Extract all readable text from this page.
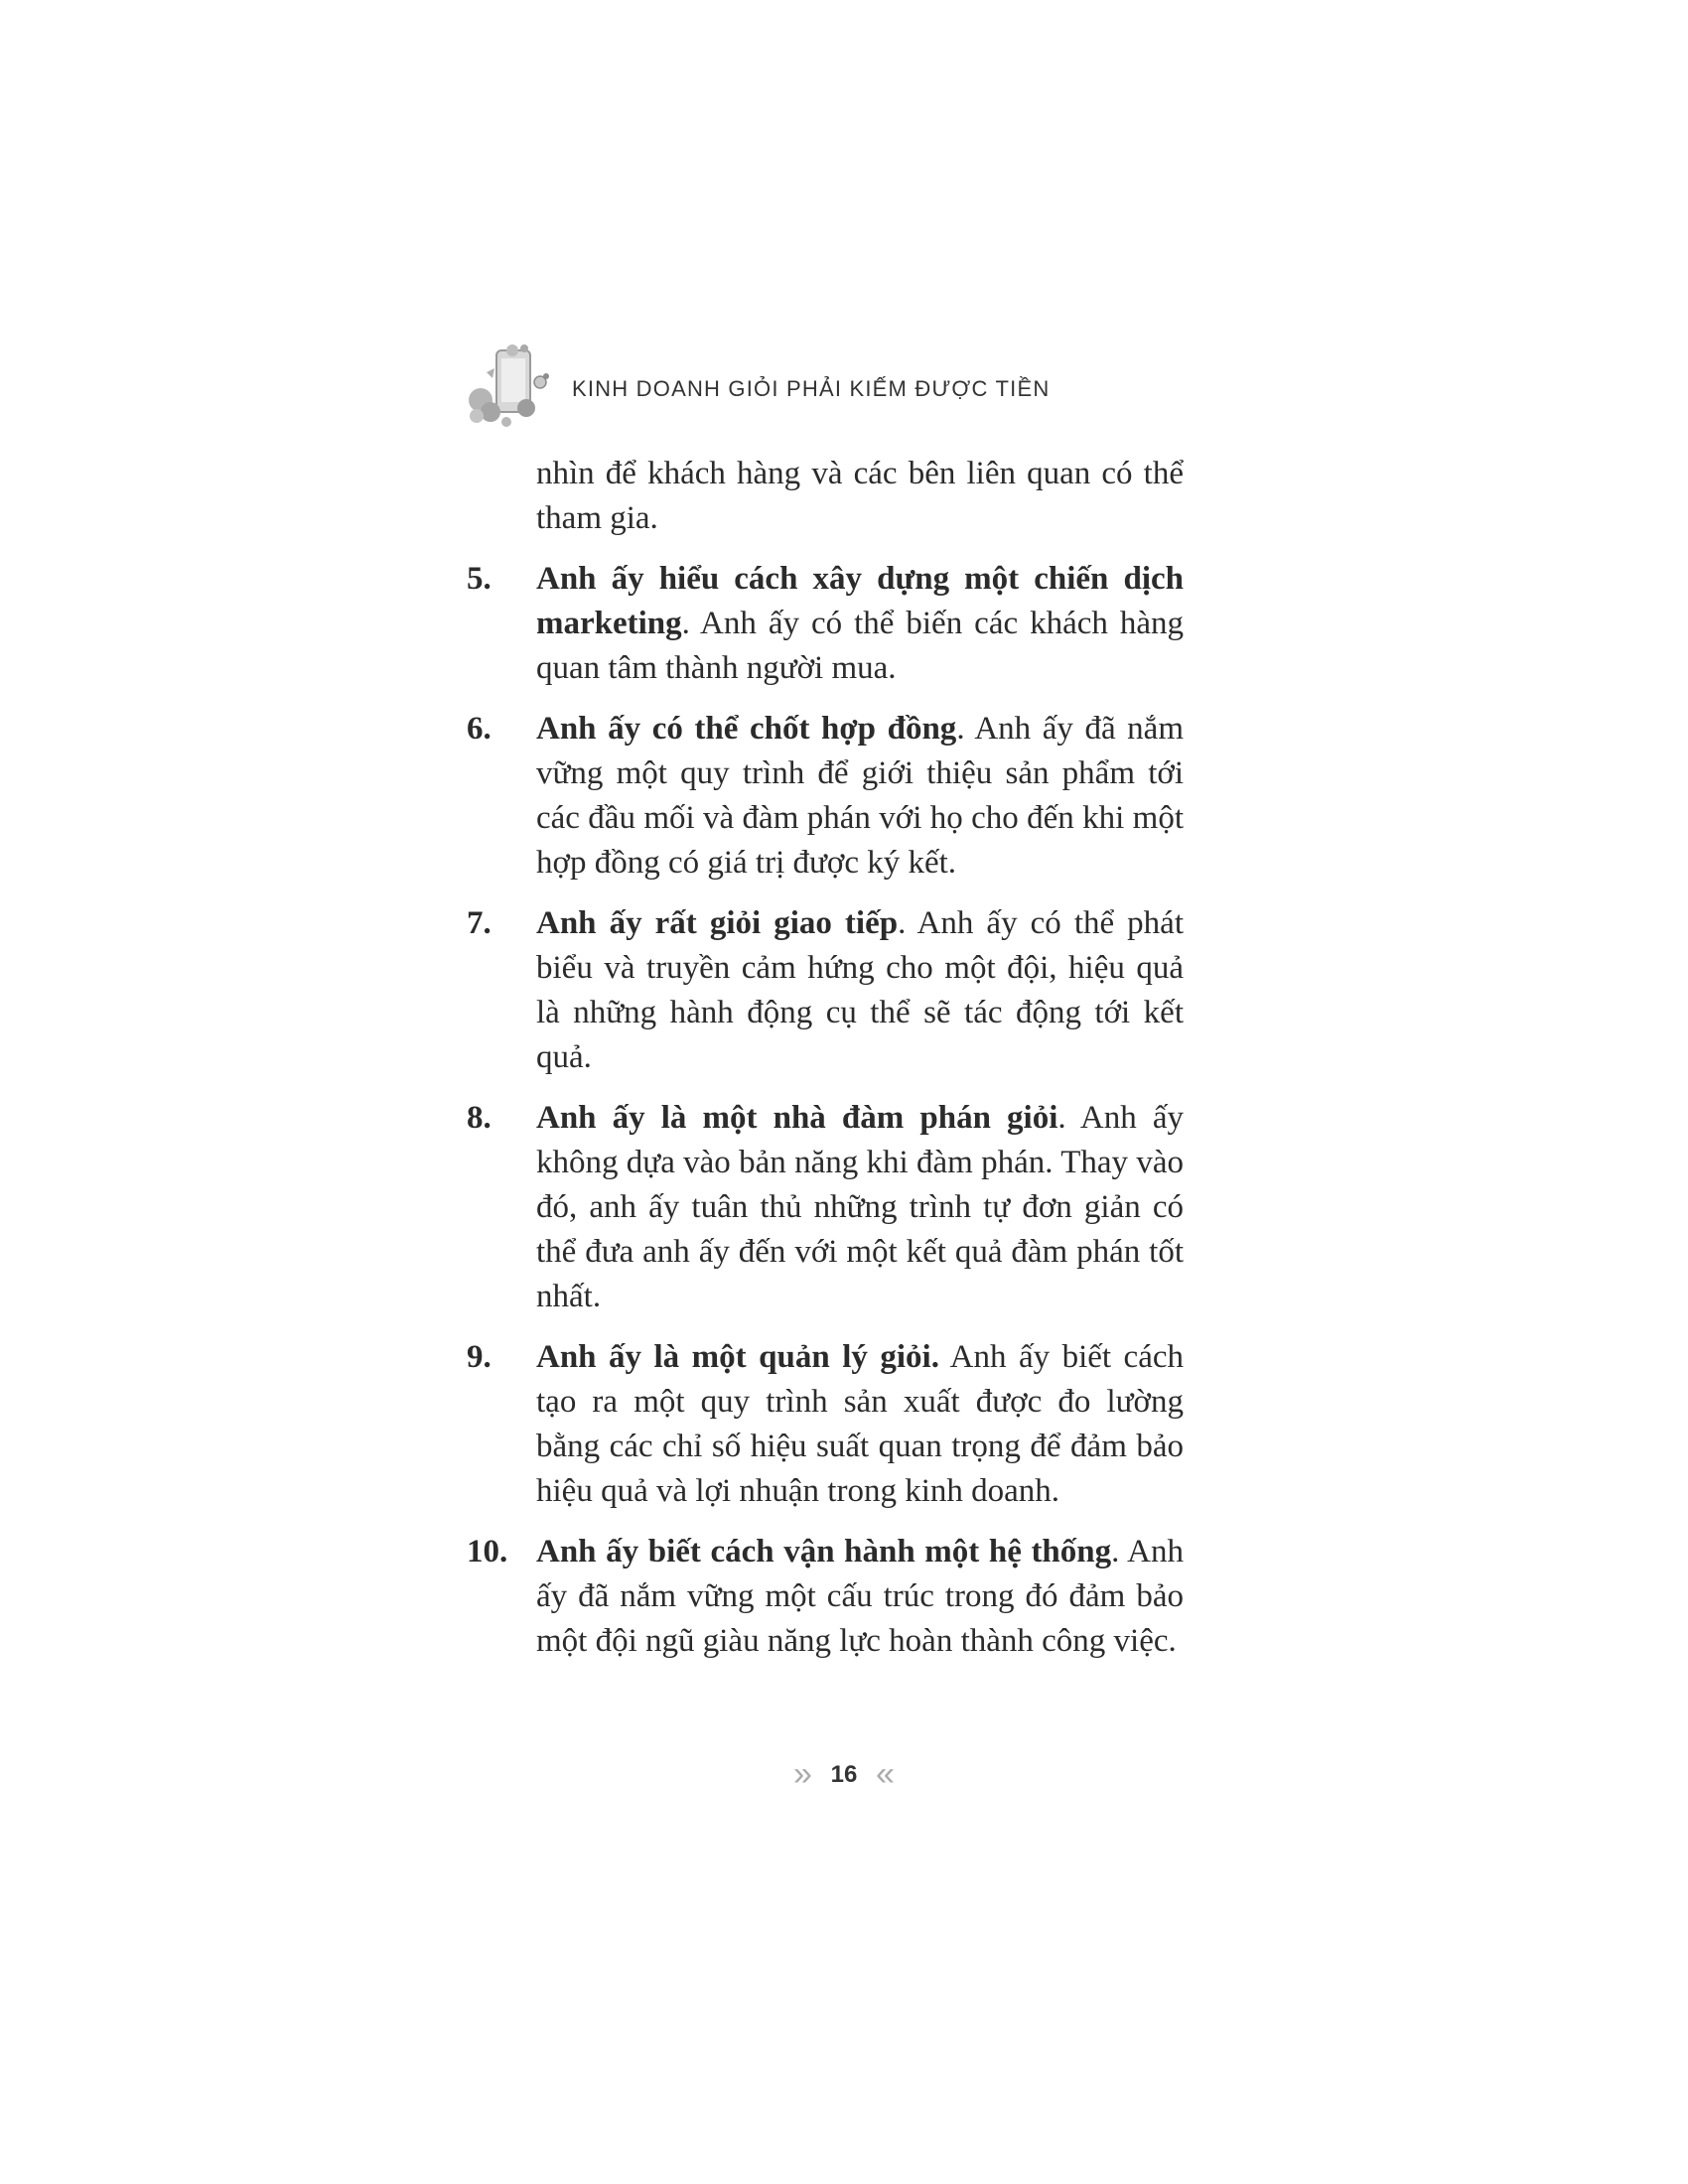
KINH DOANH GIỎI PHẢI KIẾM ĐƯỢC TIỀN

nhìn để khách hàng và các bên liên quan có thể tham gia.

5. Anh ấy hiểu cách xây dựng một chiến dịch marketing. Anh ấy có thể biến các khách hàng quan tâm thành người mua.

6. Anh ấy có thể chốt hợp đồng. Anh ấy đã nắm vững một quy trình để giới thiệu sản phẩm tới các đầu mối và đàm phán với họ cho đến khi một hợp đồng có giá trị được ký kết.

7. Anh ấy rất giỏi giao tiếp. Anh ấy có thể phát biểu và truyền cảm hứng cho một đội, hiệu quả là những hành động cụ thể sẽ tác động tới kết quả.

8. Anh ấy là một nhà đàm phán giỏi. Anh ấy không dựa vào bản năng khi đàm phán. Thay vào đó, anh ấy tuân thủ những trình tự đơn giản có thể đưa anh ấy đến với một kết quả đàm phán tốt nhất.

9. Anh ấy là một quản lý giỏi. Anh ấy biết cách tạo ra một quy trình sản xuất được đo lường bằng các chỉ số hiệu suất quan trọng để đảm bảo hiệu quả và lợi nhuận trong kinh doanh.

10. Anh ấy biết cách vận hành một hệ thống. Anh ấy đã nắm vững một cấu trúc trong đó đảm bảo một đội ngũ giàu năng lực hoàn thành công việc.

» 16 «
